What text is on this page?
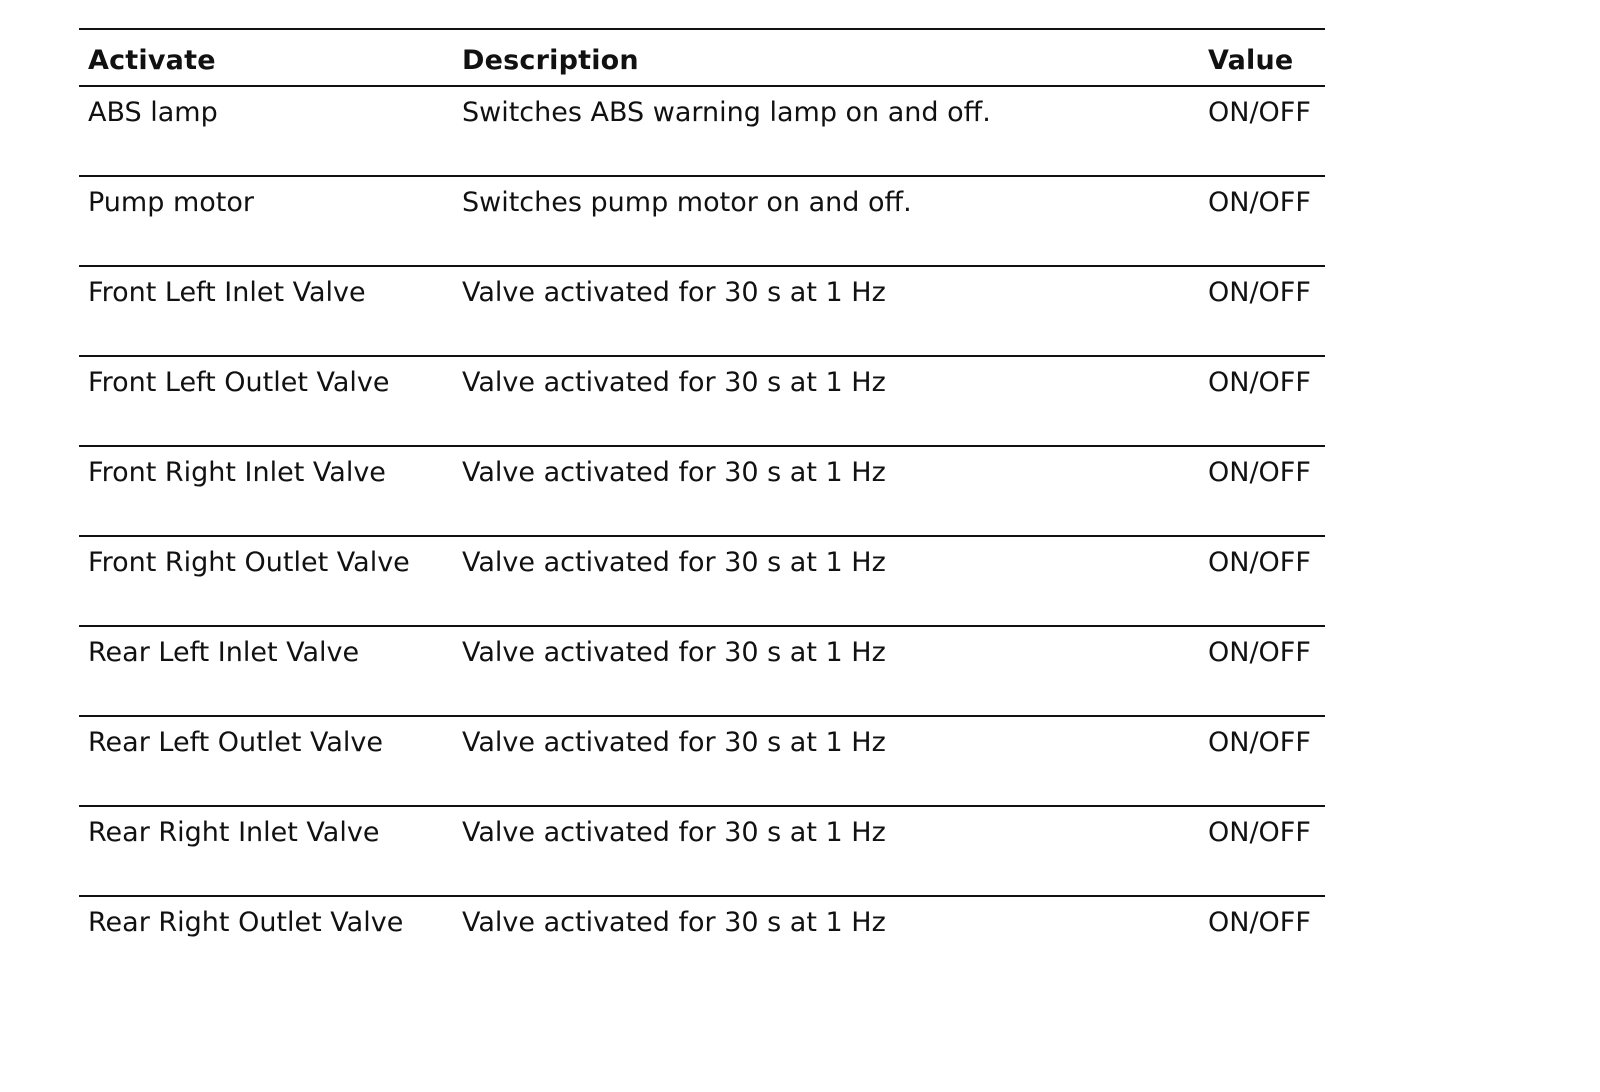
Activate	Description	Value
ABS lamp	Switches ABS warning lamp on and off.	ON/OFF
Pump motor	Switches pump motor on and off.	ON/OFF
Front Left Inlet Valve	Valve activated for 30 s at 1 Hz	ON/OFF
Front Left Outlet Valve	Valve activated for 30 s at 1 Hz	ON/OFF
Front Right Inlet Valve	Valve activated for 30 s at 1 Hz	ON/OFF
Front Right Outlet Valve	Valve activated for 30 s at 1 Hz	ON/OFF
Rear Left Inlet Valve	Valve activated for 30 s at 1 Hz	ON/OFF
Rear Left Outlet Valve	Valve activated for 30 s at 1 Hz	ON/OFF
Rear Right Inlet Valve	Valve activated for 30 s at 1 Hz	ON/OFF
Rear Right Outlet Valve	Valve activated for 30 s at 1 Hz	ON/OFF
